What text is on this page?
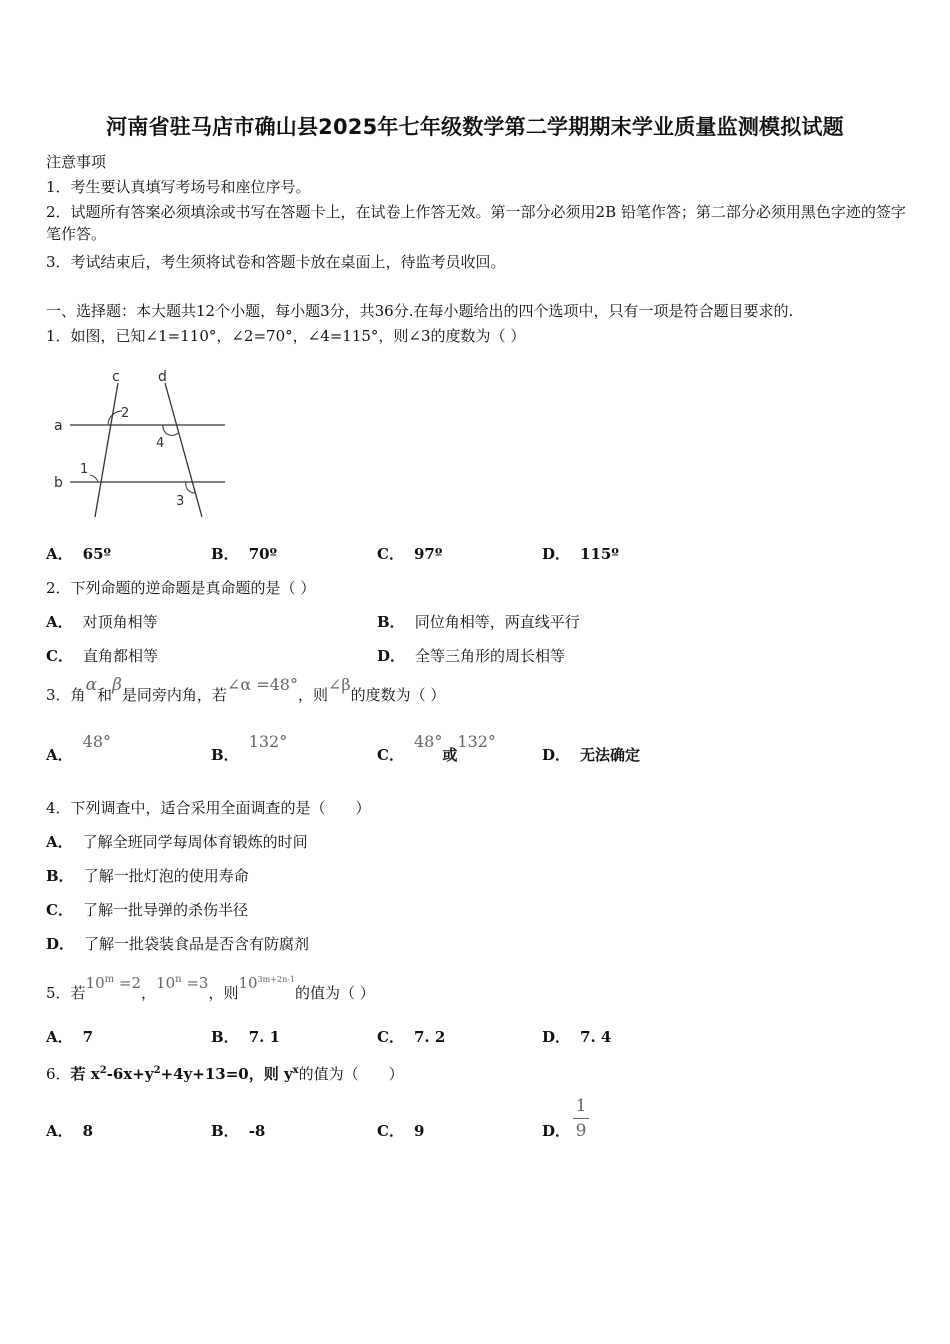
河南省驻马店市确山县2025年七年级数学第二学期期末学业质量监测模拟试题
注意事项
1．考生要认真填写考场号和座位序号。
2．试题所有答案必须填涂或书写在答题卡上，在试卷上作答无效。第一部分必须用2B 铅笔作答；第二部分必须用黑色字迹的签字笔作答。
3．考试结束后，考生须将试卷和答题卡放在桌面上，待监考员收回。
一、选择题：本大题共12个小题，每小题3分，共36分.在每小题给出的四个选项中，只有一项是符合题目要求的.
1．如图，已知∠1=110°，∠2=70°，∠4=115°，则∠3的度数为（ ）
c	d
a
b
1
2
3
4
A． 65º	B． 70º	C． 97º	D． 115º
2．下列命题的逆命题是真命题的是（ ）
A． 对顶角相等	B． 同位角相等，两直线平行
C． 直角都相等	D． 全等三角形的周长相等
3．角α和β是同旁内角，若∠α =48°，则∠β的度数为（ ）
A．48°
B．132°
C．48°或132°
D． 无法确定
4．下列调查中，适合采用全面调查的是（　　）
A． 了解全班同学每周体育锻炼的时间
B． 了解一批灯泡的使用寿命
C． 了解一批导弹的杀伤半径
D． 了解一批袋装食品是否含有防腐剂
5．若$10^m =2$，$10^n =3$，则$10^{3m+2n-1}$的值为（ ）
A． 7	B． 7. 1	C． 7. 2	D． 7. 4
6．若 $x^2-6x+y^2+4y+13=0$，则 $y^x$的值为（　　）
A． 8	B． -8	C． 9	D．
1
9
